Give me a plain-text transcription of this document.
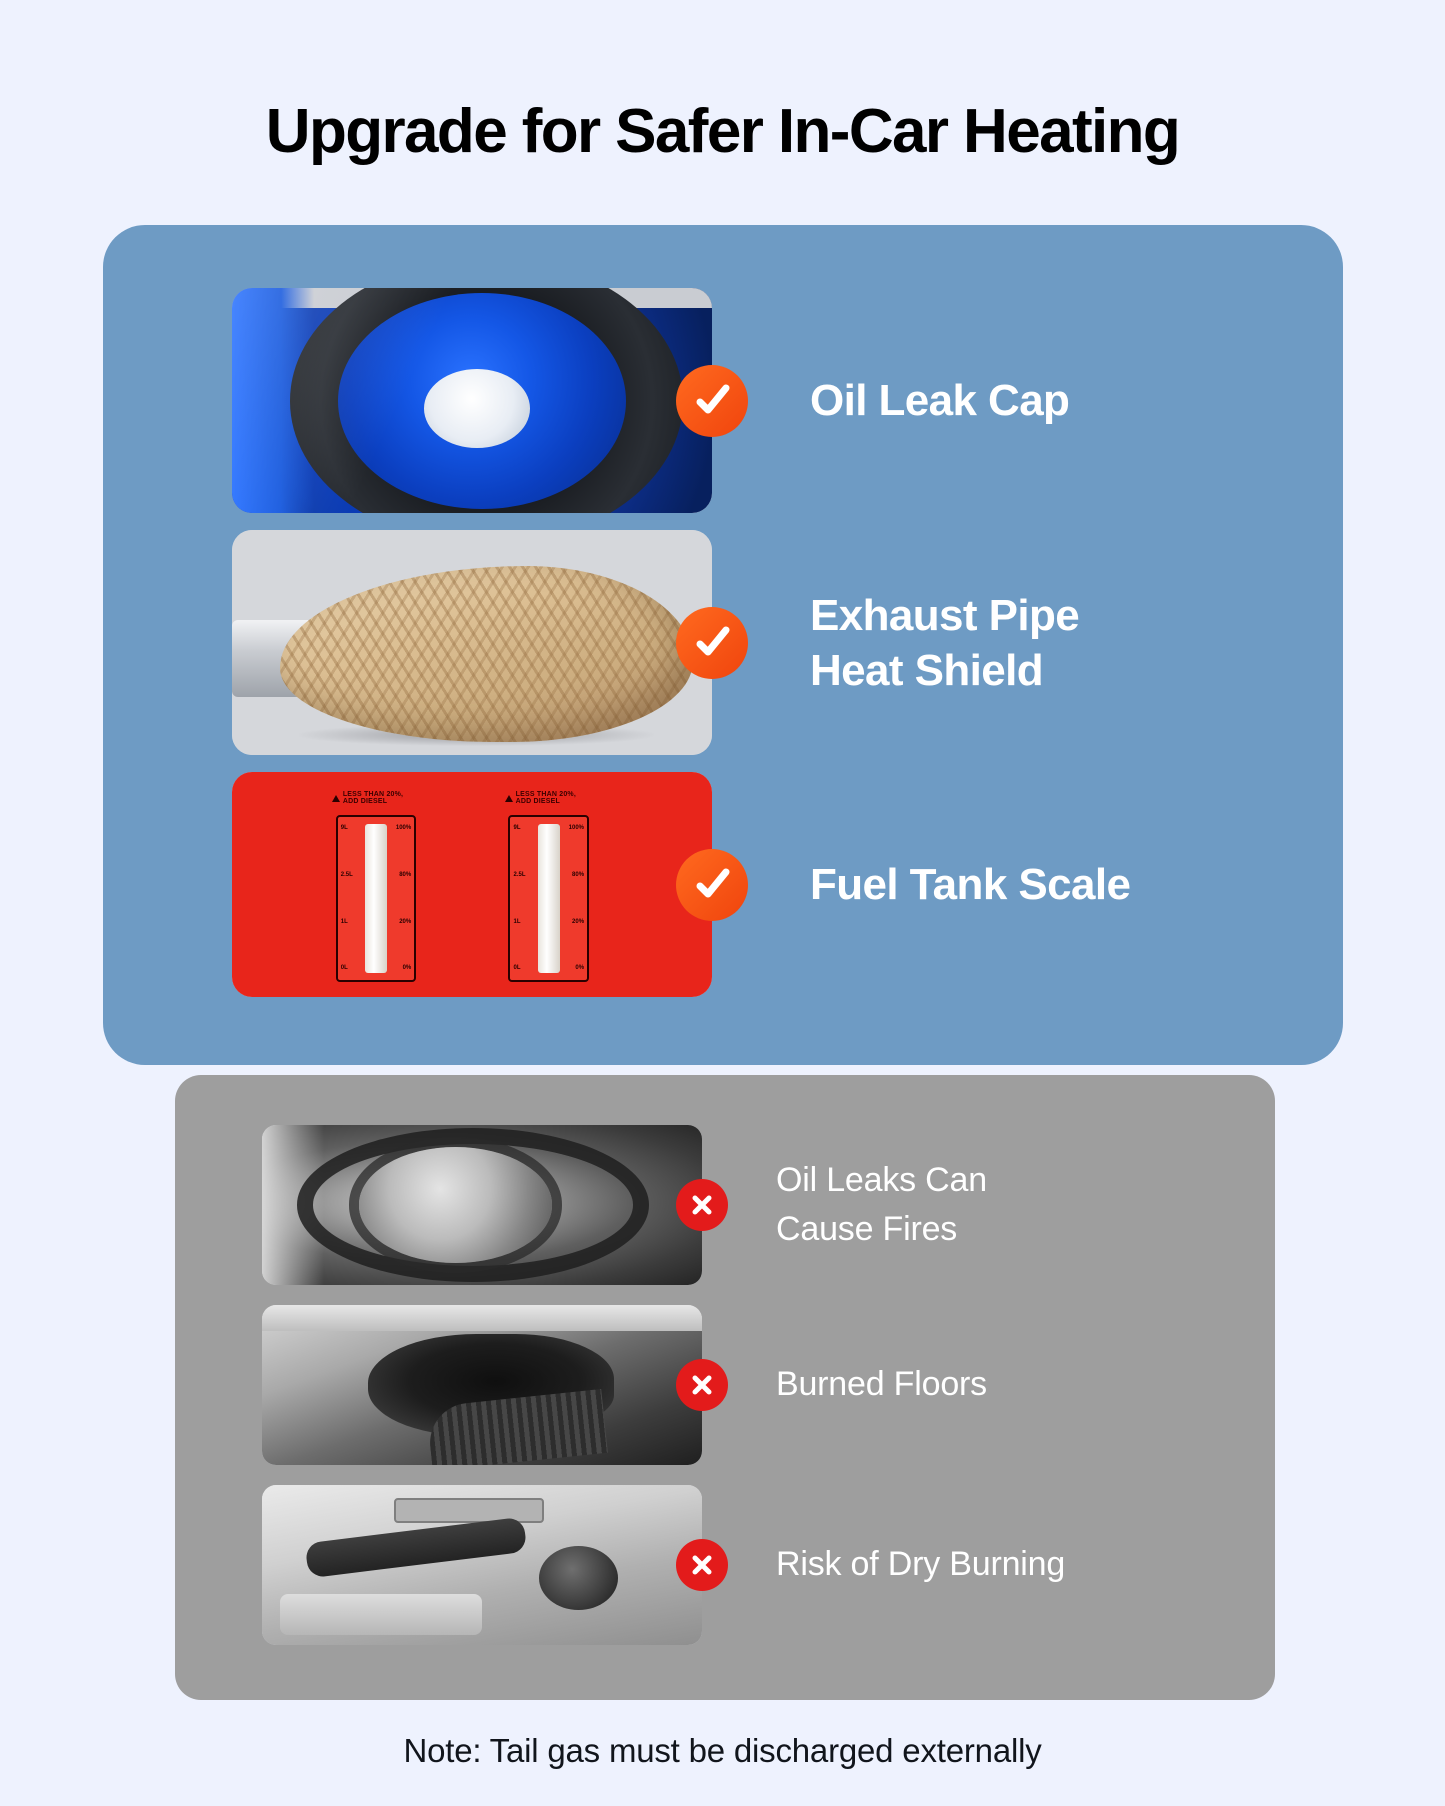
Upgrade for Safer In-Car Heating
Oil Leaks Can
Cause Fires
Burned Floors
Risk of Dry Burning
Oil Leak Cap
Exhaust Pipe
Heat Shield
LESS THAN 20%,
ADD DIESEL
9L
2.5L
1L
0L
100%
80%
20%
0%
LESS THAN 20%,
ADD DIESEL
9L
2.5L
1L
0L
100%
80%
20%
0%
Fuel Tank Scale
Note: Tail gas must be discharged externally
